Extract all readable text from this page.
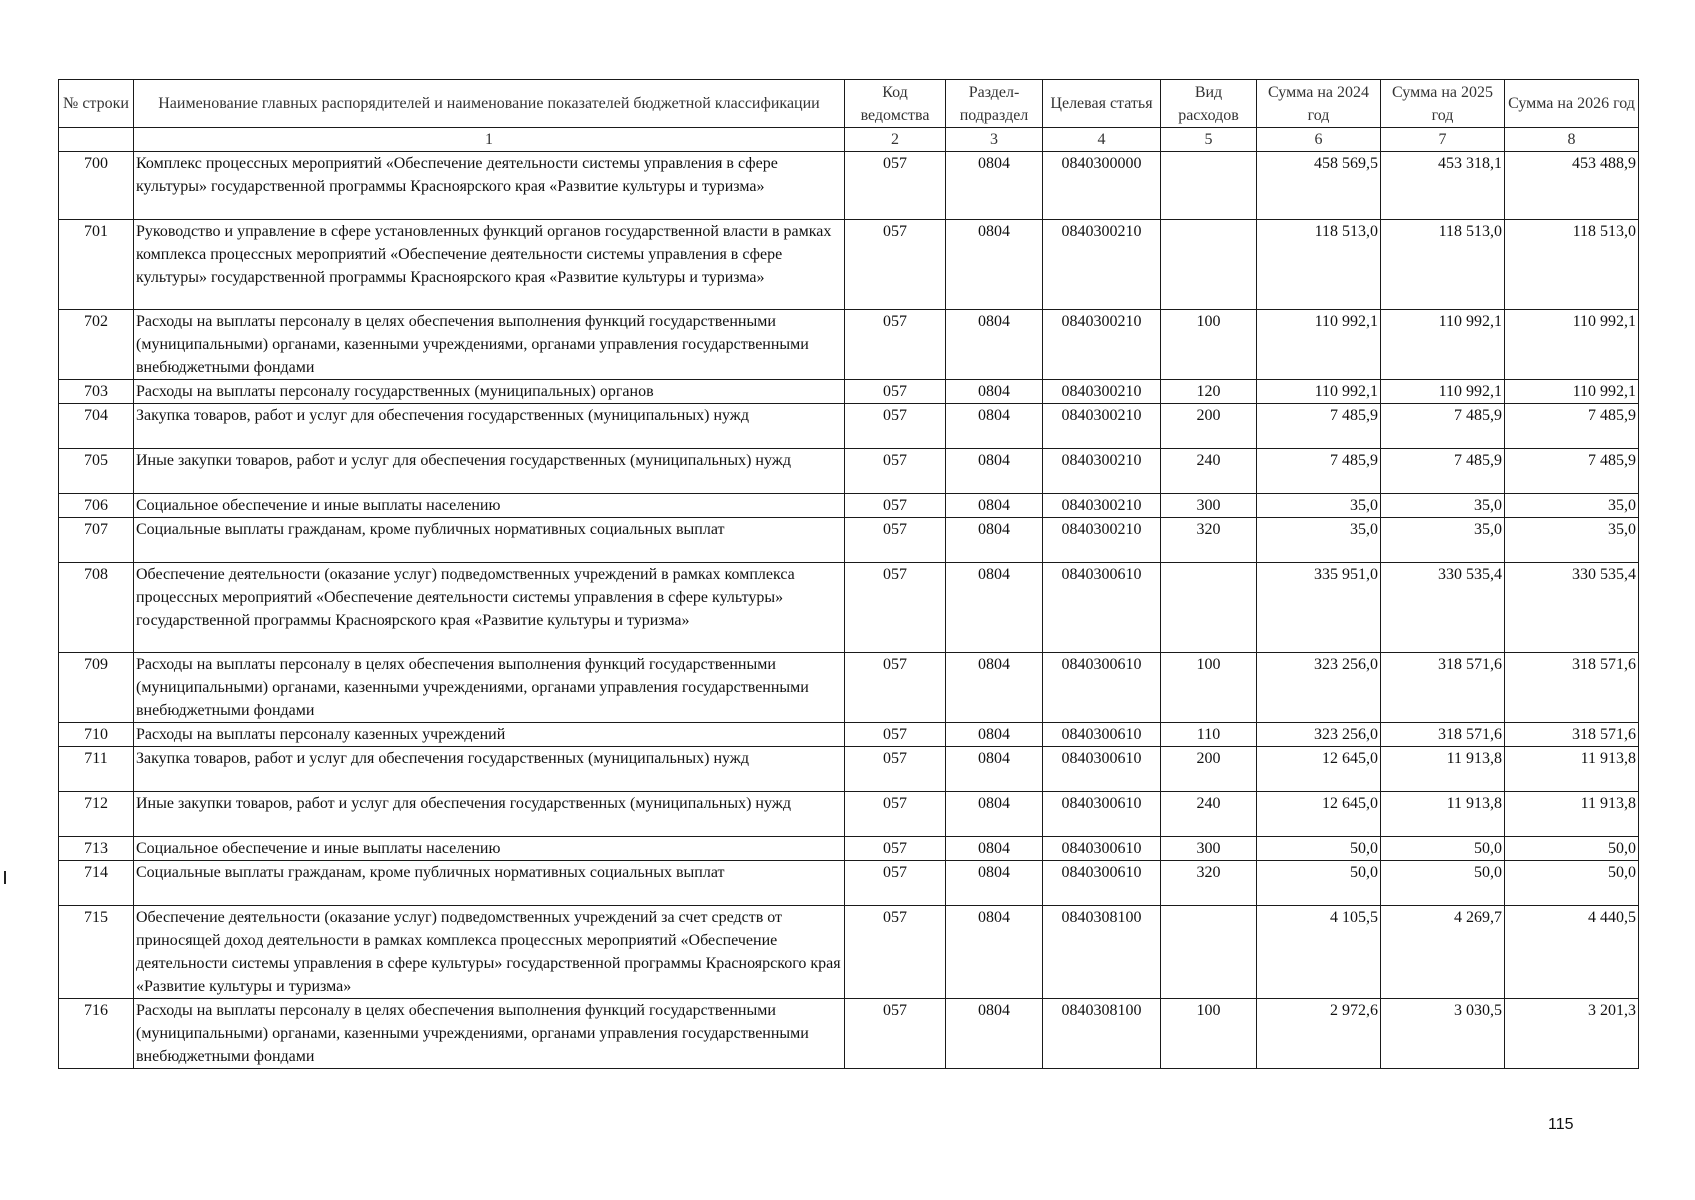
№ строки	Наименование главных распорядителей и наименование показателей бюджетной классификации	Код ведомства	Раздел-подраздел	Целевая статья	Вид расходов	Сумма на 2024 год	Сумма на 2025 год	Сумма на 2026 год
	1	2	3	4	5	6	7	8
700	Комплекс процессных мероприятий «Обеспечение деятельности системы управления в сфере культуры» государственной программы Красноярского края «Развитие культуры и туризма»	057	0804	0840300000		458 569,5	453 318,1	453 488,9
701	Руководство и управление в сфере установленных функций органов государственной власти в рамках комплекса процессных мероприятий «Обеспечение деятельности системы управления в сфере культуры» государственной программы Красноярского края «Развитие культуры и туризма»	057	0804	0840300210		118 513,0	118 513,0	118 513,0
702	Расходы на выплаты персоналу в целях обеспечения выполнения функций государственными (муниципальными) органами, казенными учреждениями, органами управления государственными внебюджетными фондами	057	0804	0840300210	100	110 992,1	110 992,1	110 992,1
703	Расходы на выплаты персоналу государственных (муниципальных) органов	057	0804	0840300210	120	110 992,1	110 992,1	110 992,1
704	Закупка товаров, работ и услуг для обеспечения государственных (муниципальных) нужд	057	0804	0840300210	200	7 485,9	7 485,9	7 485,9
705	Иные закупки товаров, работ и услуг для обеспечения государственных (муниципальных) нужд	057	0804	0840300210	240	7 485,9	7 485,9	7 485,9
706	Социальное обеспечение и иные выплаты населению	057	0804	0840300210	300	35,0	35,0	35,0
707	Социальные выплаты гражданам, кроме публичных нормативных социальных выплат	057	0804	0840300210	320	35,0	35,0	35,0
708	Обеспечение деятельности (оказание услуг) подведомственных учреждений в рамках комплекса процессных мероприятий «Обеспечение деятельности системы управления в сфере культуры» государственной программы Красноярского края «Развитие культуры и туризма»	057	0804	0840300610		335 951,0	330 535,4	330 535,4
709	Расходы на выплаты персоналу в целях обеспечения выполнения функций государственными (муниципальными) органами, казенными учреждениями, органами управления государственными внебюджетными фондами	057	0804	0840300610	100	323 256,0	318 571,6	318 571,6
710	Расходы на выплаты персоналу казенных учреждений	057	0804	0840300610	110	323 256,0	318 571,6	318 571,6
711	Закупка товаров, работ и услуг для обеспечения государственных (муниципальных) нужд	057	0804	0840300610	200	12 645,0	11 913,8	11 913,8
712	Иные закупки товаров, работ и услуг для обеспечения государственных (муниципальных) нужд	057	0804	0840300610	240	12 645,0	11 913,8	11 913,8
713	Социальное обеспечение и иные выплаты населению	057	0804	0840300610	300	50,0	50,0	50,0
714	Социальные выплаты гражданам, кроме публичных нормативных социальных выплат	057	0804	0840300610	320	50,0	50,0	50,0
715	Обеспечение деятельности (оказание услуг) подведомственных учреждений за счет средств от приносящей доход деятельности в рамках комплекса процессных мероприятий «Обеспечение деятельности системы управления в сфере культуры» государственной программы Красноярского края «Развитие культуры и туризма»	057	0804	0840308100		4 105,5	4 269,7	4 440,5
716	Расходы на выплаты персоналу в целях обеспечения выполнения функций государственными (муниципальными) органами, казенными учреждениями, органами управления государственными внебюджетными фондами	057	0804	0840308100	100	2 972,6	3 030,5	3 201,3
115
